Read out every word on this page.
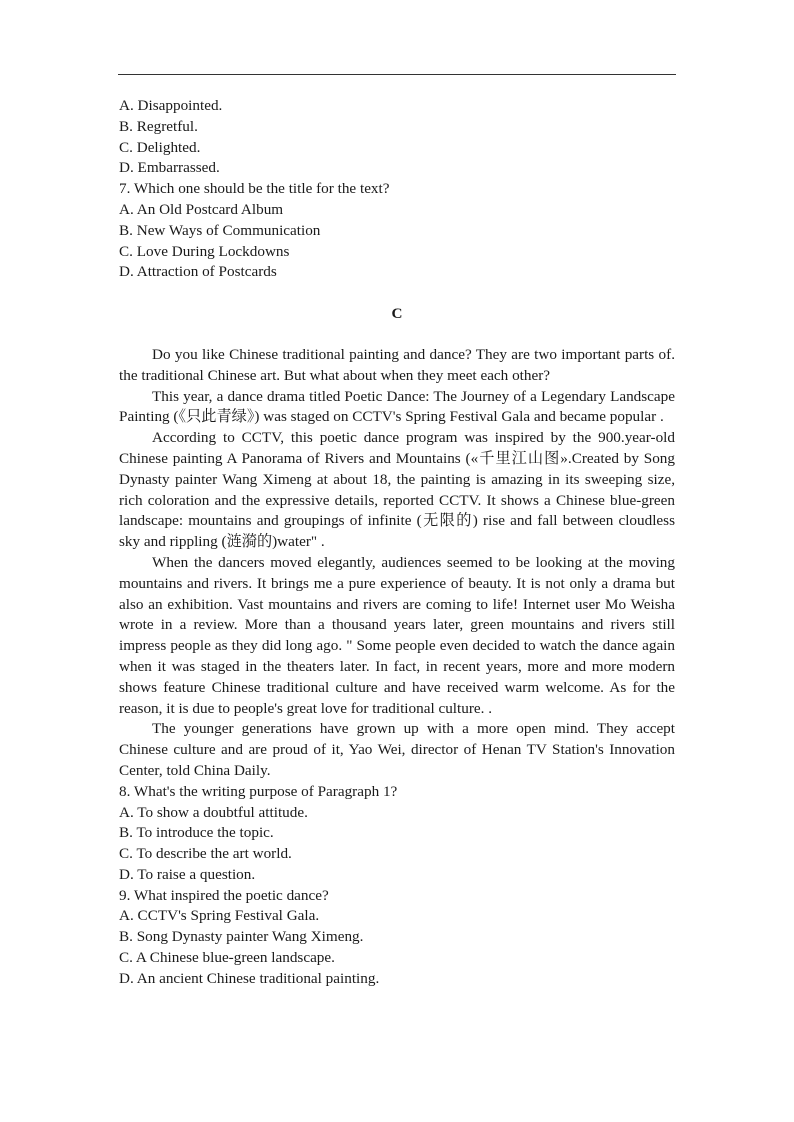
A. Disappointed.
B. Regretful.
C. Delighted.
D. Embarrassed.
7. Which one should be the title for the text?
A. An Old Postcard Album
B. New Ways of Communication
C. Love During Lockdowns
D. Attraction of Postcards
C

Do you like Chinese traditional painting and dance? They are two important parts of. the traditional Chinese art. But what about when they meet each other?

This year, a dance drama titled Poetic Dance: The Journey of a Legendary Landscape Painting (《只此青绿》) was staged on CCTV's Spring Festival Gala and became popular .

According to CCTV, this poetic dance program was inspired by the 900.year-old Chinese painting A Panorama of Rivers and Mountains («千里江山图».Created by Song Dynasty painter Wang Ximeng at about 18, the painting is amazing in its sweeping size, rich coloration and the expressive details, reported CCTV. It shows a Chinese blue-green landscape: mountains and groupings of infinite (无限的) rise and fall between cloudless sky and rippling (涟漪的)water" .

When the dancers moved elegantly, audiences seemed to be looking at the moving mountains and rivers. It brings me a pure experience of beauty. It is not only a drama but also an exhibition. Vast mountains and rivers are coming to life! Internet user Mo Weisha wrote in a review. More than a thousand years later, green mountains and rivers still impress people as they did long ago. " Some people even decided to watch the dance again when it was staged in the theaters later. In fact, in recent years, more and more modern shows feature Chinese traditional culture and have received warm welcome. As for the reason, it is due to people's great love for traditional culture. .

The younger generations have grown up with a more open mind. They accept Chinese culture and are proud of it, Yao Wei, director of Henan TV Station's Innovation Center, told China Daily.

8. What's the writing purpose of Paragraph 1?
A. To show a doubtful attitude.
B. To introduce the topic.
C. To describe the art world.
D. To raise a question.
9. What inspired the poetic dance?
A. CCTV's Spring Festival Gala.
B. Song Dynasty painter Wang Ximeng.
C. A Chinese blue-green landscape.
D. An ancient Chinese traditional painting.
